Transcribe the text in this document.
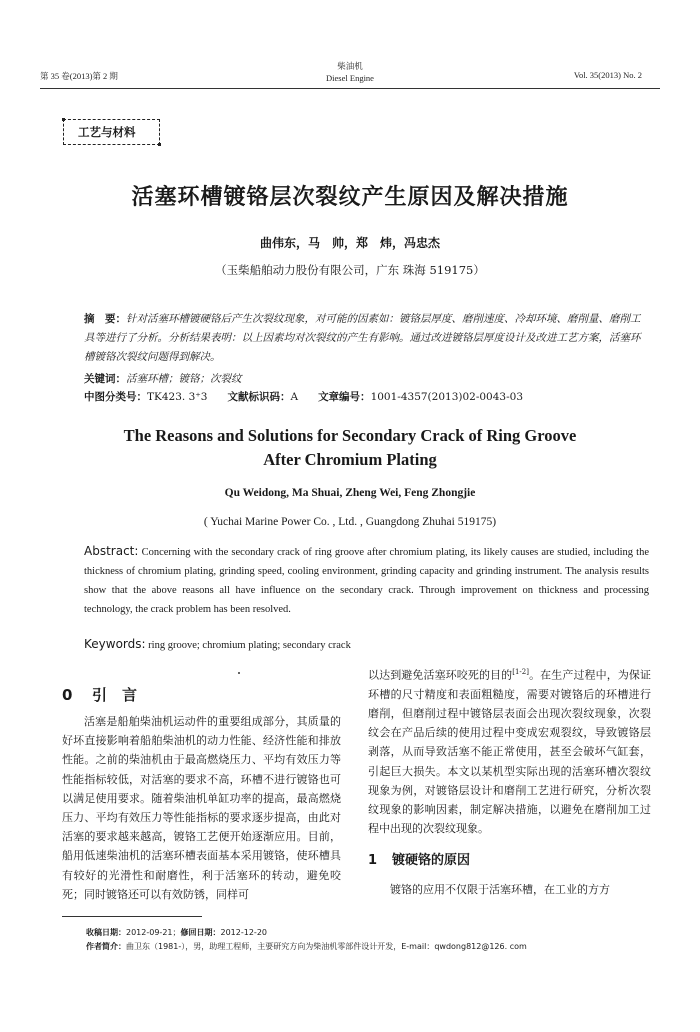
第 35 卷(2013)第 2 期
柴油机
Diesel Engine	Vol. 35(2013) No. 2
工艺与材料
活塞环槽镀铬层次裂纹产生原因及解决措施
曲伟东，马　帅，郑　炜，冯忠杰
（玉柴船舶动力股份有限公司，广东 珠海 519175）
摘　要：针对活塞环槽镀硬铬后产生次裂纹现象，对可能的因素如：镀铬层厚度、磨削速度、冷却环境、磨削量、磨削工具等进行了分析。分析结果表明：以上因素均对次裂纹的产生有影响。通过改进镀铬层厚度设计及改进工艺方案，活塞环槽镀铬次裂纹问题得到解决。
关键词：活塞环槽；镀铬；次裂纹
中图分类号：TK423. 3⁺3 文献标识码：A 文章编号：1001-4357(2013)02-0043-03
The Reasons and Solutions for Secondary Crack of Ring Groove
After Chromium Plating
Qu Weidong, Ma Shuai, Zheng Wei, Feng Zhongjie
( Yuchai Marine Power Co. , Ltd. , Guangdong Zhuhai 519175)
Abstract: Concerning with the secondary crack of ring groove after chromium plating, its likely causes are studied, including the thickness of chromium plating, grinding speed, cooling environment, grinding capacity and grinding instrument. The analysis results show that the above reasons all have influence on the secondary crack. Through improvement on thickness and processing technology, the crack problem has been resolved.
Keywords: ring groove; chromium plating; secondary crack
0 引　言
活塞是船舶柴油机运动件的重要组成部分，其质量的好坏直接影响着船舶柴油机的动力性能、经济性能和排放性能。之前的柴油机由于最高燃烧压力、平均有效压力等性能指标较低，对活塞的要求不高，环槽不进行镀铬也可以满足使用要求。随着柴油机单缸功率的提高，最高燃烧压力、平均有效压力等性能指标的要求逐步提高，由此对活塞的要求越来越高，镀铬工艺便开始逐渐应用。目前，船用低速柴油机的活塞环槽表面基本采用镀铬，使环槽具有较好的光滑性和耐磨性，利于活塞环的转动，避免咬死；同时镀铬还可以有效防锈，同样可
以达到避免活塞环咬死的目的[1-2]。在生产过程中，为保证环槽的尺寸精度和表面粗糙度，需要对镀铬后的环槽进行磨削，但磨削过程中镀铬层表面会出现次裂纹现象，次裂纹会在产品后续的使用过程中变成宏观裂纹，导致镀铬层剥落，从而导致活塞不能正常使用，甚至会破坏气缸套，引起巨大损失。本文以某机型实际出现的活塞环槽次裂纹现象为例，对镀铬层设计和磨削工艺进行研究，分析次裂纹现象的影响因素，制定解决措施，以避免在磨削加工过程中出现的次裂纹现象。
1 镀硬铬的原因
镀铬的应用不仅限于活塞环槽，在工业的方方
收稿日期：2012-09-21；修回日期：2012-12-20
作者简介：曲卫东（1981-），男，助理工程师，主要研究方向为柴油机零部件设计开发，E-mail：qwdong812@126. com
